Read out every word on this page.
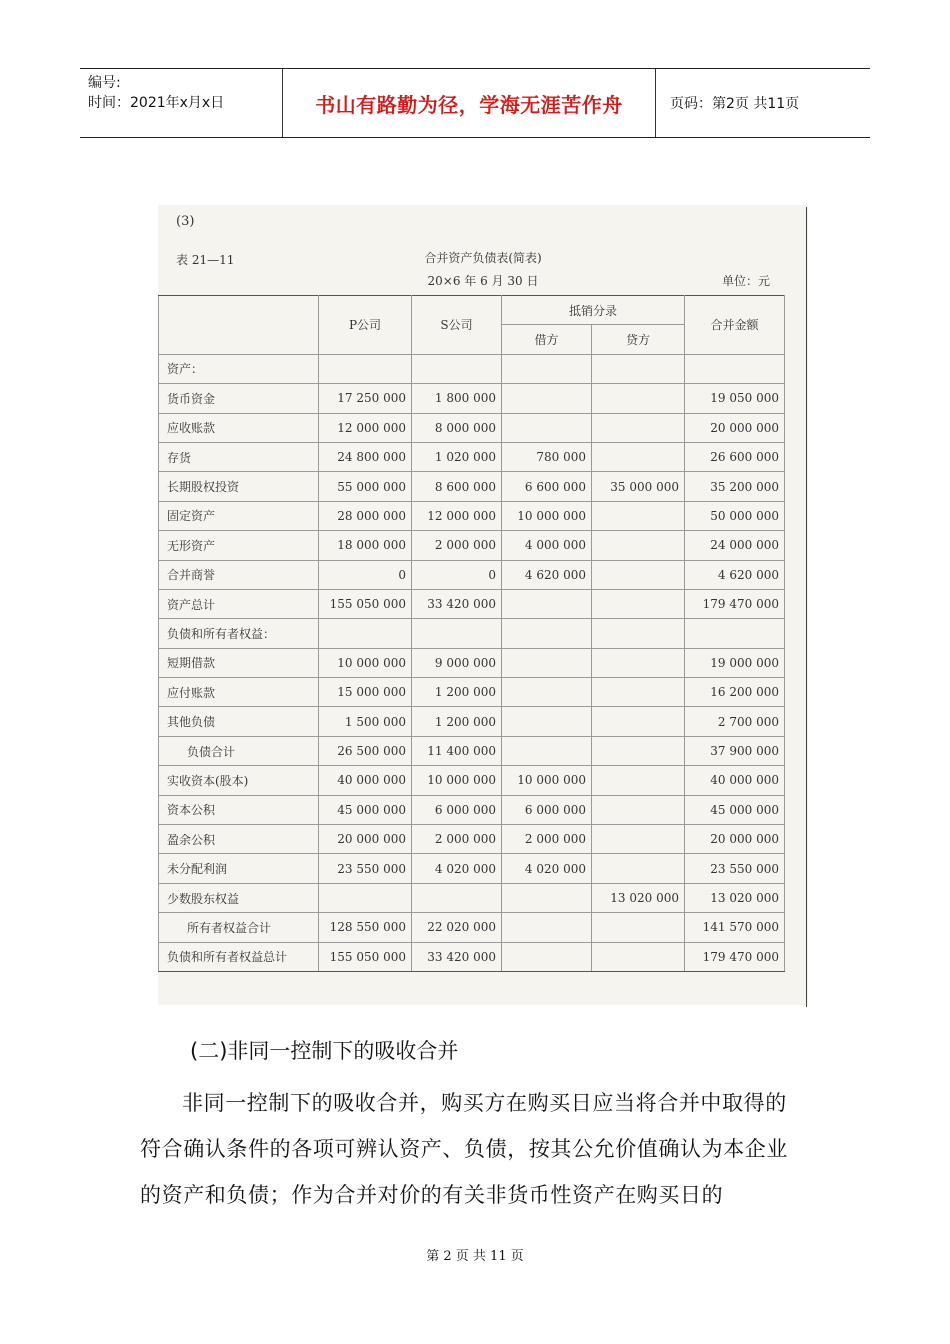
编号:
时间：2021年x月x日	书山有路勤为径，学海无涯苦作舟	页码：第2页 共11页
(3)
表 21—11	合并资产负债表(简表)
20×6 年 6 月 30 日	单位：元
	P公司	S公司	抵销分录		合并金额
			借方	贷方	
资产：					
货币资金	17 250 000	1 800 000			19 050 000
应收账款	12 000 000	8 000 000			20 000 000
存货	24 800 000	1 020 000	780 000		26 600 000
长期股权投资	55 000 000	8 600 000	6 600 000	35 000 000	35 200 000
固定资产	28 000 000	12 000 000	10 000 000		50 000 000
无形资产	18 000 000	2 000 000	4 000 000		24 000 000
合并商誉	0	0	4 620 000		4 620 000
资产总计	155 050 000	33 420 000			179 470 000
负债和所有者权益：					
短期借款	10 000 000	9 000 000			19 000 000
应付账款	15 000 000	1 200 000			16 200 000
其他负债	1 500 000	1 200 000			2 700 000
负债合计	26 500 000	11 400 000			37 900 000
实收资本(股本)	40 000 000	10 000 000	10 000 000		40 000 000
资本公积	45 000 000	6 000 000	6 000 000		45 000 000
盈余公积	20 000 000	2 000 000	2 000 000		20 000 000
未分配利润	23 550 000	4 020 000	4 020 000		23 550 000
少数股东权益				13 020 000	13 020 000
所有者权益合计	128 550 000	22 020 000			141 570 000
负债和所有者权益总计	155 050 000	33 420 000			179 470 000
(二)非同一控制下的吸收合并
非同一控制下的吸收合并，购买方在购买日应当将合并中取得的符合确认条件的各项可辨认资产、负债，按其公允价值确认为本企业的资产和负债；作为合并对价的有关非货币性资产在购买日的
第 2 页 共 11 页
